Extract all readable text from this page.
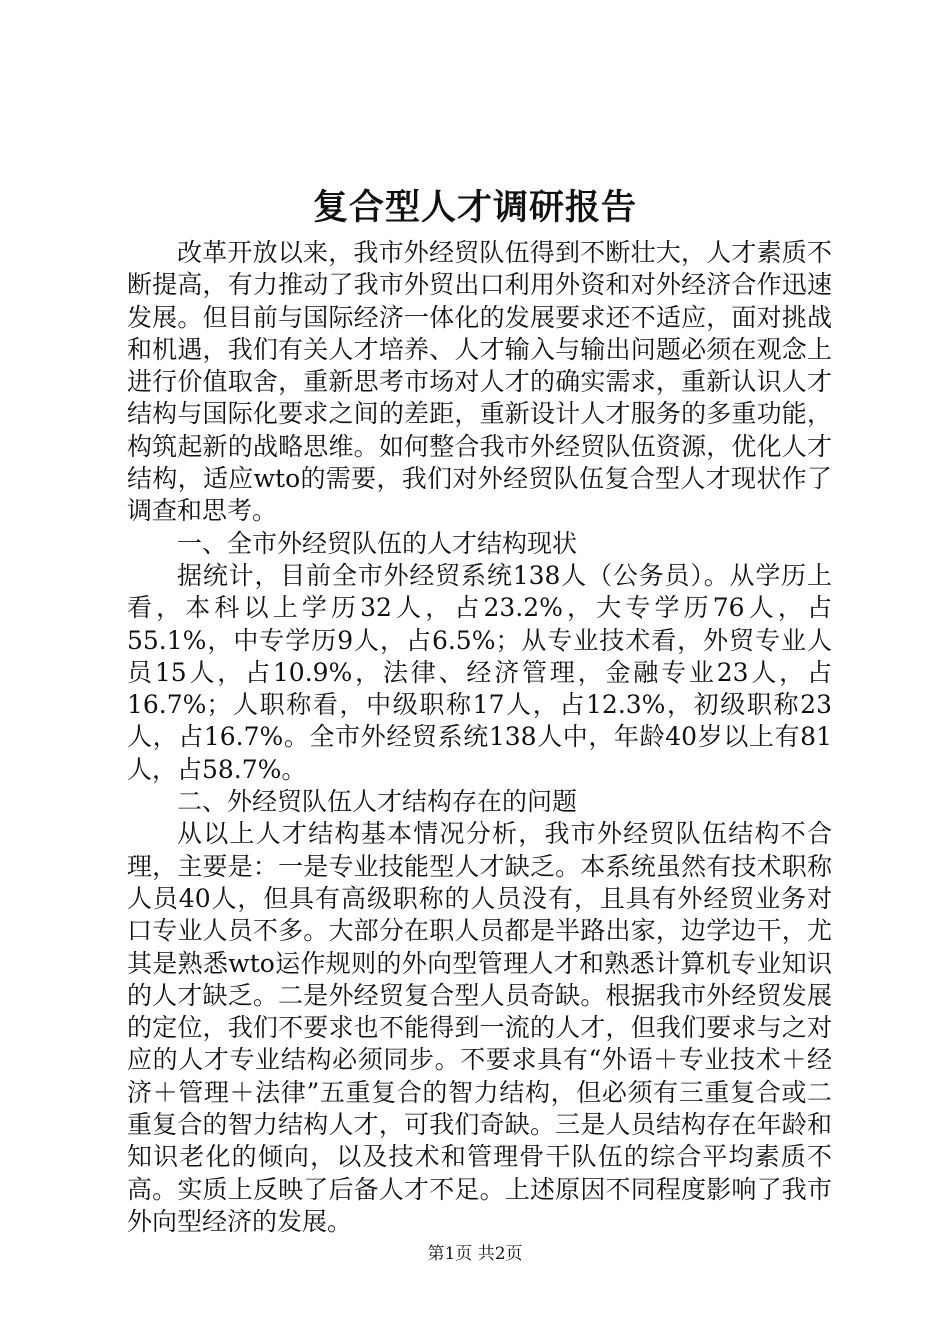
复合型人才调研报告

改革开放以来，我市外经贸队伍得到不断壮大，人才素质不断提高，有力推动了我市外贸出口利用外资和对外经济合作迅速发展。但目前与国际经济一体化的发展要求还不适应，面对挑战和机遇，我们有关人才培养、人才输入与输出问题必须在观念上进行价值取舍，重新思考市场对人才的确实需求，重新认识人才结构与国际化要求之间的差距，重新设计人才服务的多重功能，构筑起新的战略思维。如何整合我市外经贸队伍资源，优化人才结构，适应wto的需要，我们对外经贸队伍复合型人才现状作了调查和思考。

一、全市外经贸队伍的人才结构现状

据统计，目前全市外经贸系统138人（公务员）。从学历上看，本科以上学历32人，占23.2%，大专学历76人，占55.1%，中专学历9人，占6.5%；从专业技术看，外贸专业人员15人，占10.9%，法律、经济管理，金融专业23人，占16.7%；人职称看，中级职称17人，占12.3%，初级职称23人，占16.7%。全市外经贸系统138人中，年龄40岁以上有81人，占58.7%。

二、外经贸队伍人才结构存在的问题

从以上人才结构基本情况分析，我市外经贸队伍结构不合理，主要是：一是专业技能型人才缺乏。本系统虽然有技术职称人员40人，但具有高级职称的人员没有，且具有外经贸业务对口专业人员不多。大部分在职人员都是半路出家，边学边干，尤其是熟悉wto运作规则的外向型管理人才和熟悉计算机专业知识的人才缺乏。二是外经贸复合型人员奇缺。根据我市外经贸发展的定位，我们不要求也不能得到一流的人才，但我们要求与之对应的人才专业结构必须同步。不要求具有“外语＋专业技术＋经济＋管理＋法律”五重复合的智力结构，但必须有三重复合或二重复合的智力结构人才，可我们奇缺。三是人员结构存在年龄和知识老化的倾向，以及技术和管理骨干队伍的综合平均素质不高。实质上反映了后备人才不足。上述原因不同程度影响了我市外向型经济的发展。

第1页 共2页
